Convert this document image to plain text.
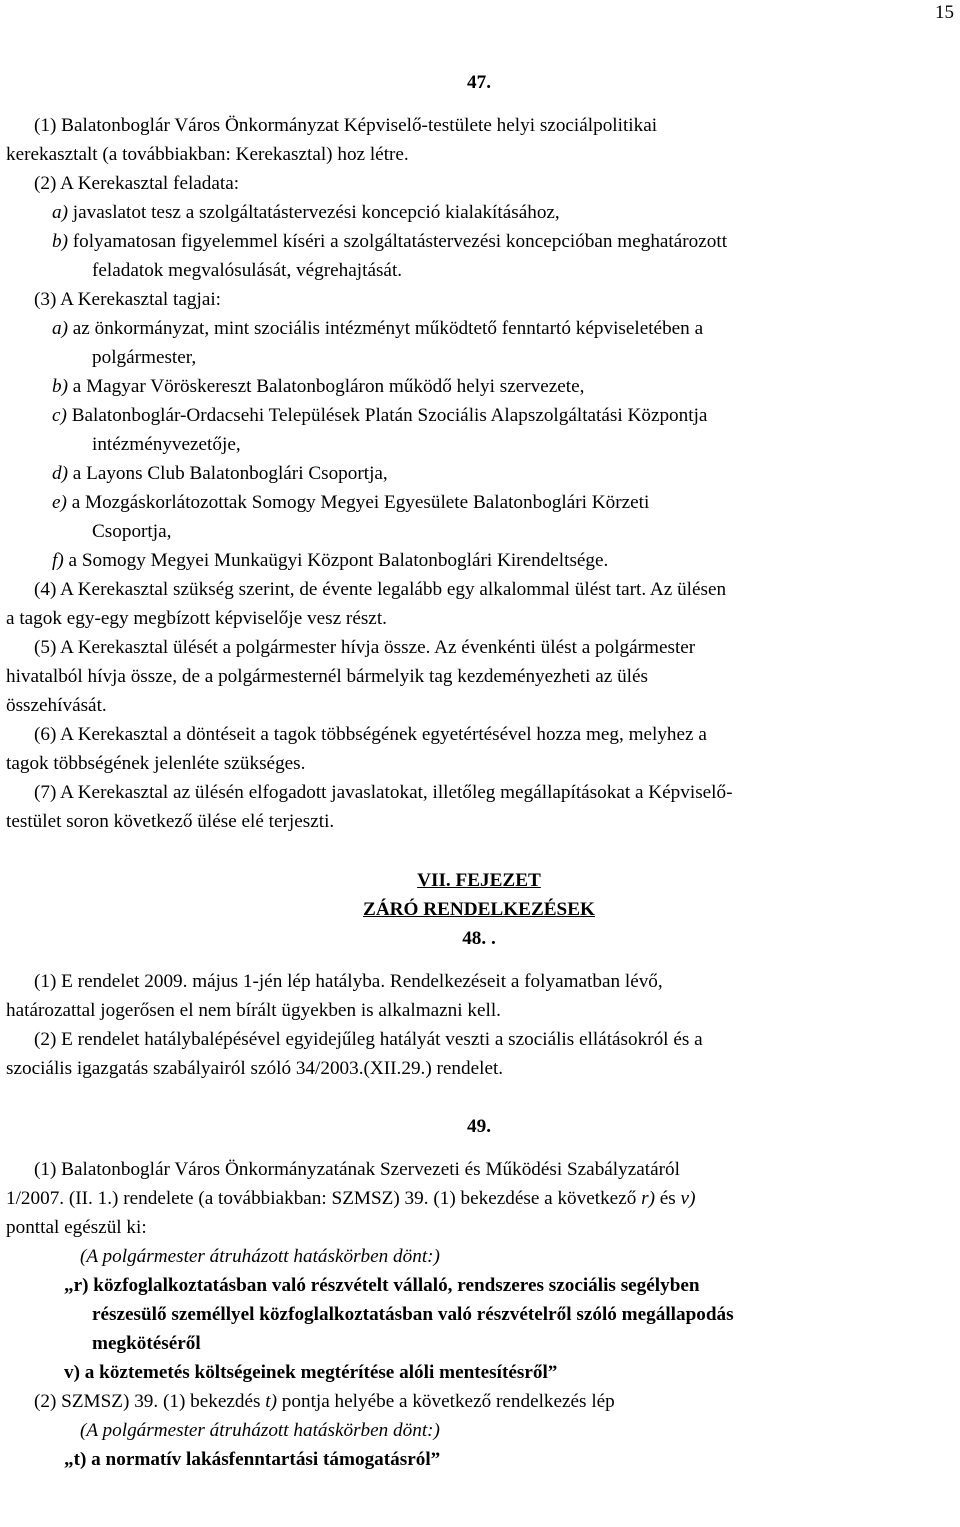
15

47.

(1) Balatonboglár Város Önkormányzat Képviselő-testülete helyi szociálpolitikai

kerekasztalt (a továbbiakban: Kerekasztal) hoz létre.

(2) A Kerekasztal feladata:

a) javaslatot tesz a szolgáltatástervezési koncepció kialakításához,

b) folyamatosan figyelemmel kíséri a szolgáltatástervezési koncepcióban meghatározott

feladatok megvalósulását, végrehajtását.

(3) A Kerekasztal tagjai:

a) az önkormányzat, mint szociális intézményt működtető fenntartó képviseletében a

polgármester,

b) a Magyar Vöröskereszt Balatonbogláron működő helyi szervezete,

c) Balatonboglár-Ordacsehi Települések Platán Szociális Alapszolgáltatási Központja

intézményvezetője,

d) a Layons Club Balatonboglári Csoportja,

e) a Mozgáskorlátozottak Somogy Megyei Egyesülete Balatonboglári Körzeti

Csoportja,

f) a Somogy Megyei Munkaügyi Központ Balatonboglári Kirendeltsége.

(4) A Kerekasztal szükség szerint, de évente legalább egy alkalommal ülést tart. Az ülésen

a tagok egy-egy megbízott képviselője vesz részt.

(5) A Kerekasztal ülését a polgármester hívja össze. Az évenkénti ülést a polgármester

hivatalból hívja össze, de a polgármesternél bármelyik tag kezdeményezheti az ülés

összehívását.

(6) A Kerekasztal a döntéseit a tagok többségének egyetértésével hozza meg, melyhez a

tagok többségének jelenléte szükséges.

(7) A Kerekasztal az ülésén elfogadott javaslatokat, illetőleg megállapításokat a Képviselő-

testület soron következő ülése elé terjeszti.

VII. FEJEZET

ZÁRÓ RENDELKEZÉSEK

48. .

(1) E rendelet 2009. május 1-jén lép hatályba. Rendelkezéseit a folyamatban lévő,

határozattal jogerősen el nem bírált ügyekben is alkalmazni kell.

(2) E rendelet hatálybalépésével egyidejűleg hatályát veszti a szociális ellátásokról és a

szociális igazgatás szabályairól szóló 34/2003.(XII.29.) rendelet.

49.

(1) Balatonboglár Város Önkormányzatának Szervezeti és Működési Szabályzatáról

1/2007. (II. 1.) rendelete (a továbbiakban: SZMSZ) 39. (1) bekezdése a következő r) és v)

ponttal egészül ki:

(A polgármester átruházott hatáskörben dönt:)

„r) közfoglalkoztatásban való részvételt vállaló, rendszeres szociális segélyben

részesülő személlyel közfoglalkoztatásban való részvételről szóló megállapodás

megkötéséről

v) a köztemetés költségeinek megtérítése alóli mentesítésről”

(2) SZMSZ) 39. (1) bekezdés t) pontja helyébe a következő rendelkezés lép

(A polgármester átruházott hatáskörben dönt:)

„t) a normatív lakásfenntartási támogatásról”
